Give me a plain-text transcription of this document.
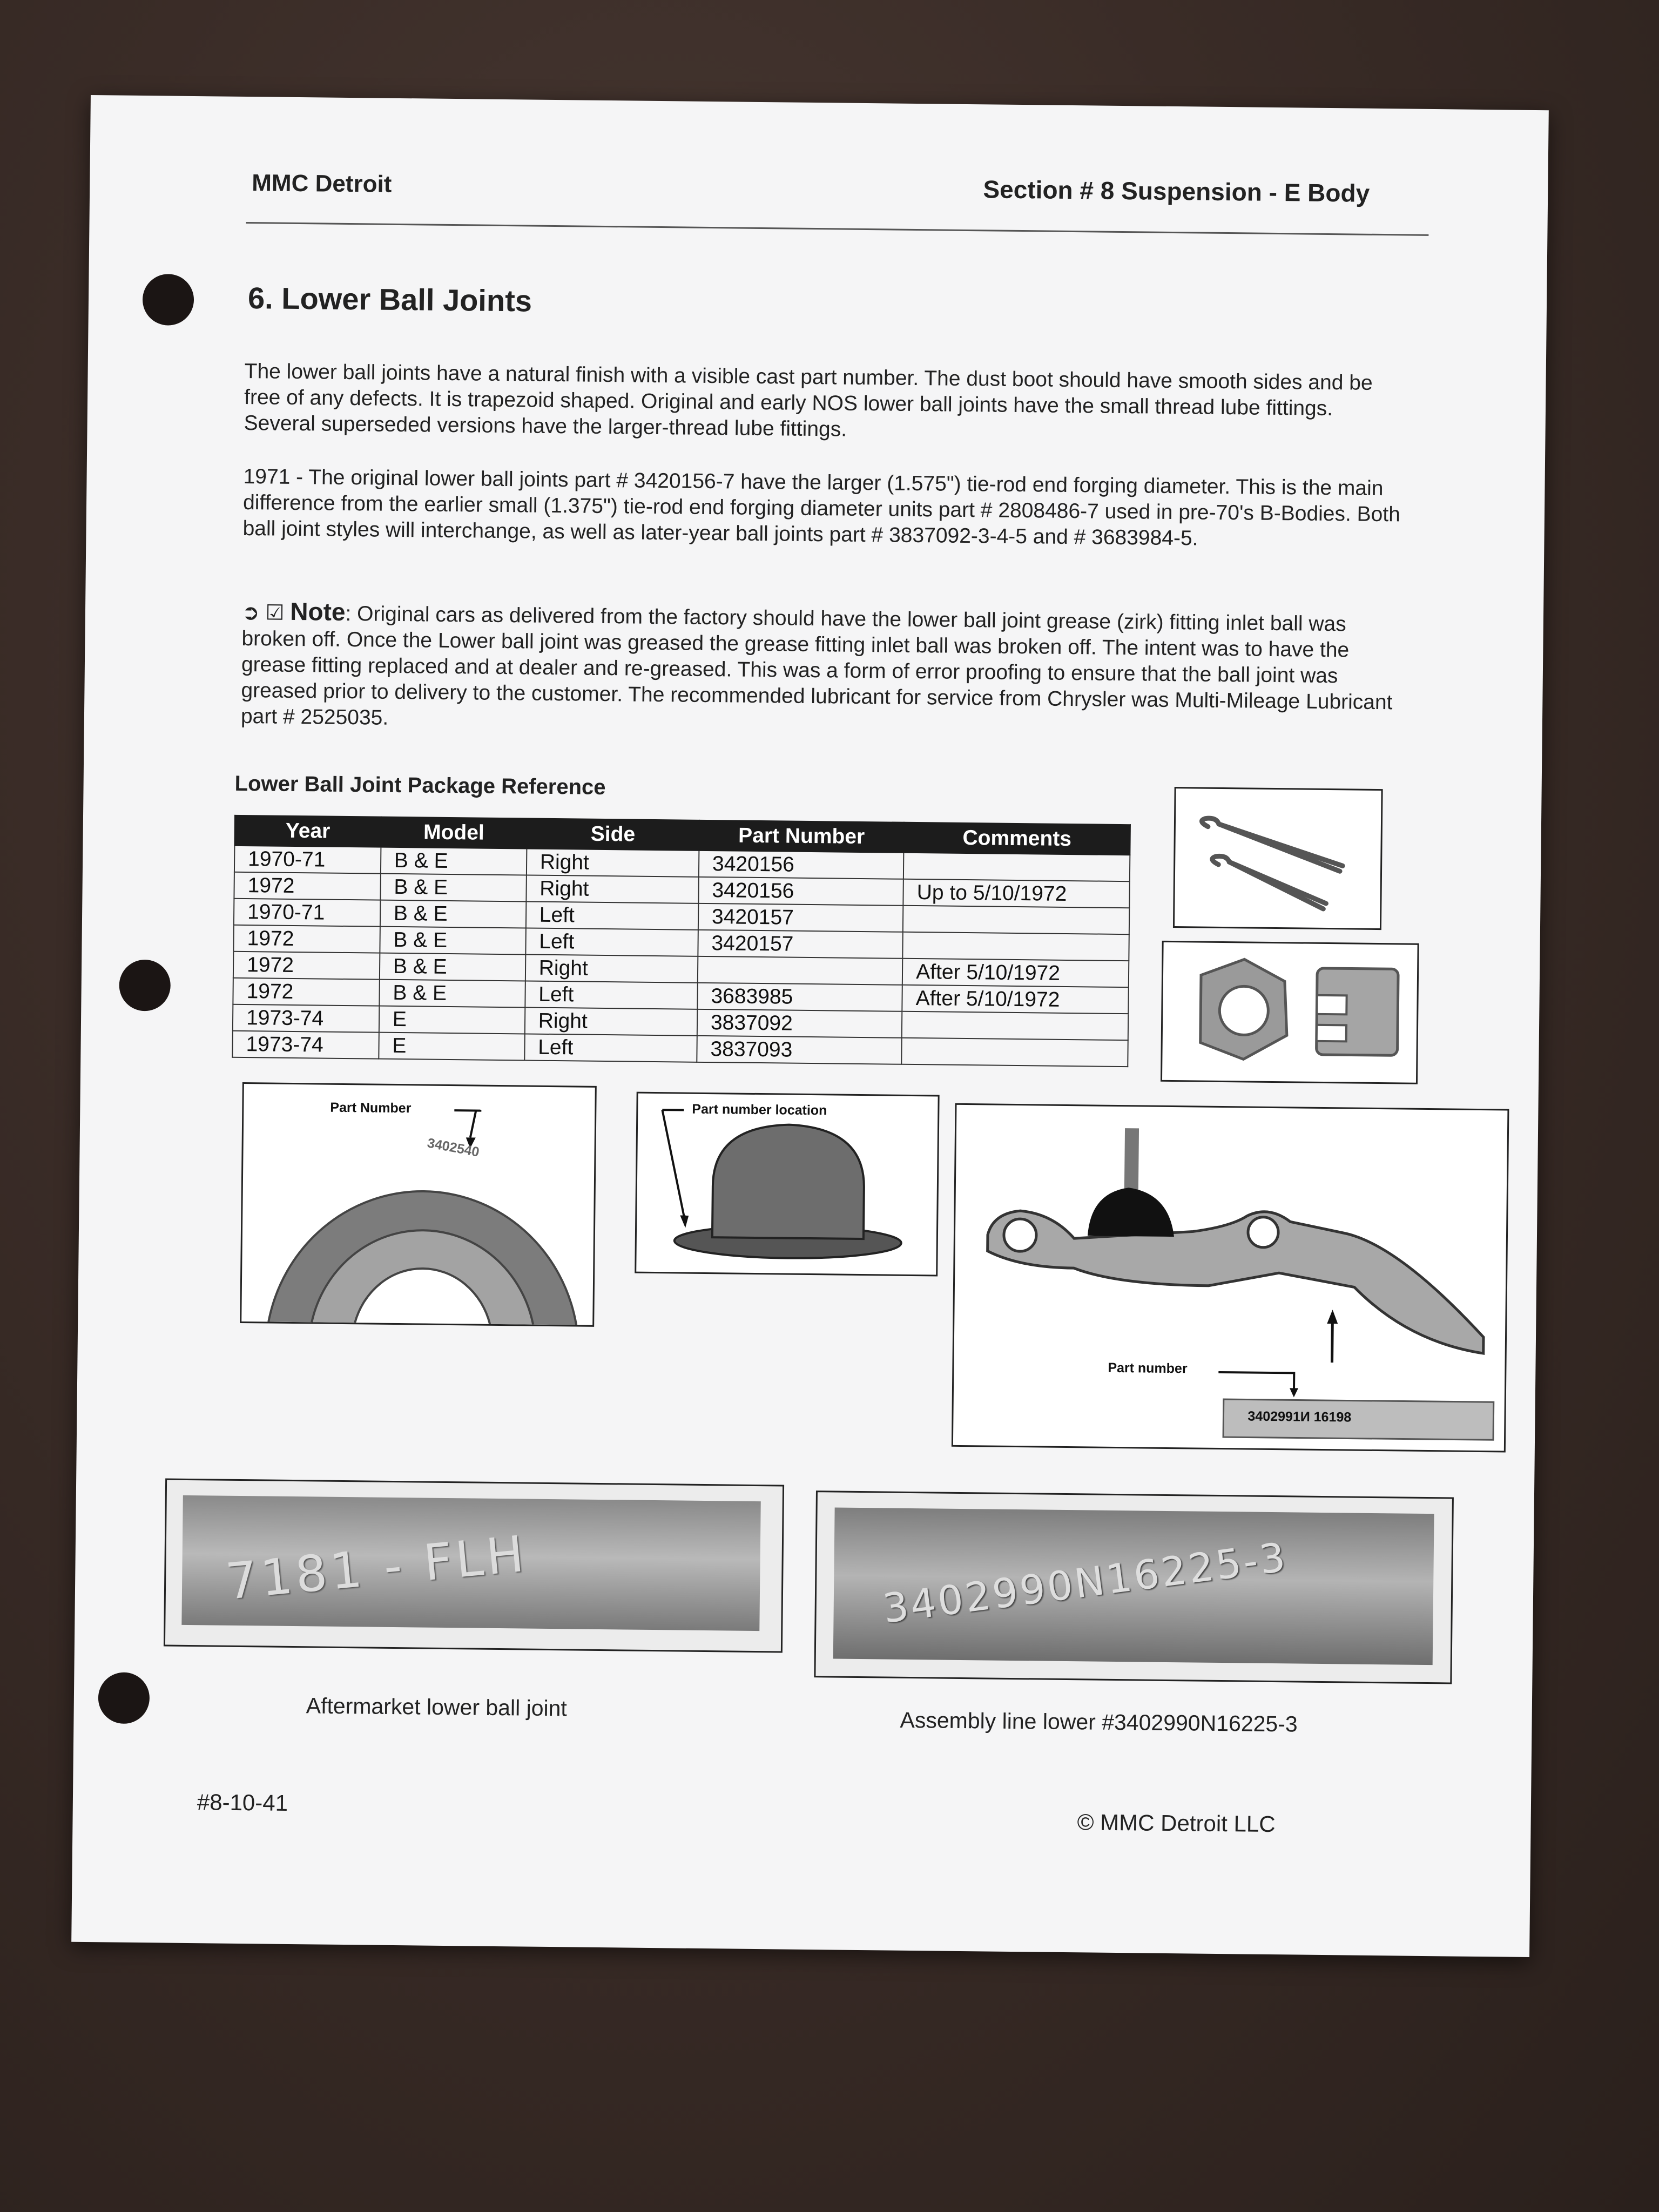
MMC Detroit	Section # 8 Suspension - E Body
6. Lower Ball Joints
The lower ball joints have a natural finish with a visible cast part number. The dust boot should have smooth sides and be free of any defects. It is trapezoid shaped. Original and early NOS lower ball joints have the small thread lube fittings. Several superseded versions have the larger-thread lube fittings.
1971 - The original lower ball joints part # 3420156-7 have the larger (1.575") tie-rod end forging diameter. This is the main difference from the earlier small (1.375") tie-rod end forging diameter units part # 2808486-7 used in pre-70's B-Bodies. Both ball joint styles will interchange, as well as later-year ball joints part # 3837092-3-4-5 and # 3683984-5.
➲ ☑ Note: Original cars as delivered from the factory should have the lower ball joint grease (zirk) fitting inlet ball was broken off. Once the Lower ball joint was greased the grease fitting inlet ball was broken off. The intent was to have the grease fitting replaced and at dealer and re-greased. This was a form of error proofing to ensure that the ball joint was greased prior to delivery to the customer. The recommended lubricant for service from Chrysler was Multi-Mileage Lubricant part # 2525035.
Lower Ball Joint Package Reference
Year	Model	Side	Part Number	Comments
1970-71	B & E	Right	3420156	
1972	B & E	Right	3420156	Up to 5/10/1972
1970-71	B & E	Left	3420157	
1972	B & E	Left	3420157	
1972	B & E	Right		After 5/10/1972
1972	B & E	Left	3683985	After 5/10/1972
1973-74	E	Right	3837092	
1973-74	E	Left	3837093	
Part Number
3402540
Part number location
Part number
3402991И 16198
7181 - FLH	3402990N16225-3
Aftermarket lower ball joint
Assembly line lower #3402990N16225-3
#8-10-41
© MMC Detroit LLC
